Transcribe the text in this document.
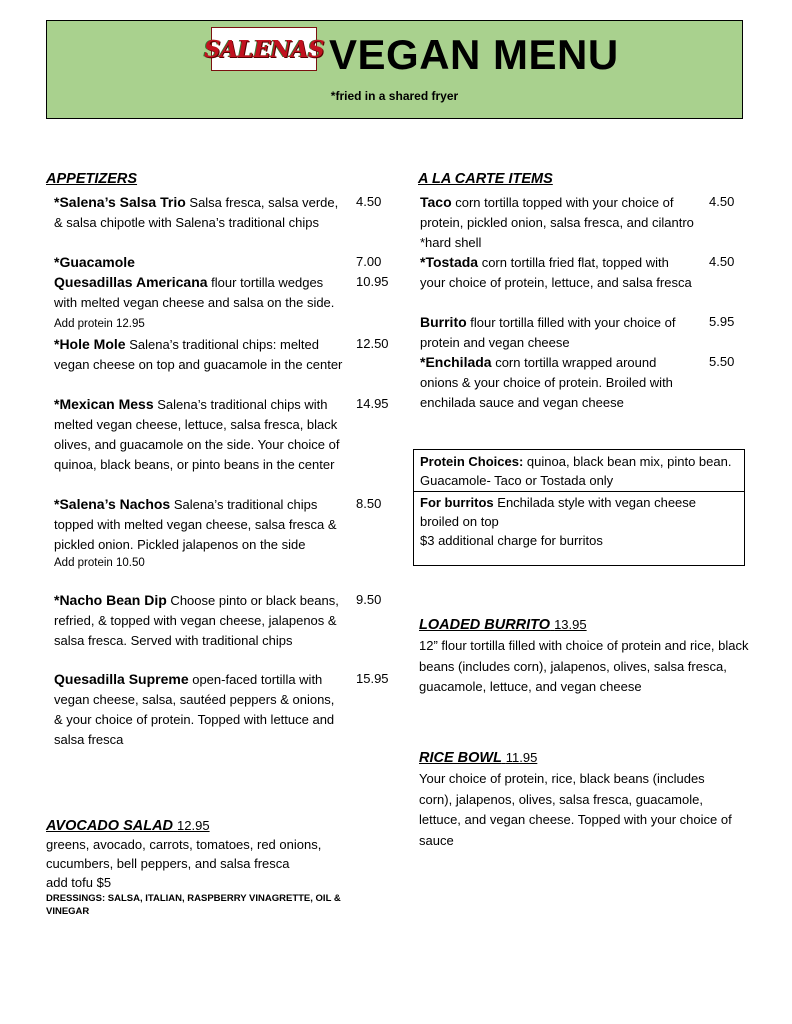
SALENAS VEGAN MENU
*fried in a shared fryer
APPETIZERS
*Salena’s Salsa Trio Salsa fresca, salsa verde, & salsa chipotle with Salena’s traditional chips
4.50
*Guacamole	7.00
Quesadillas Americana flour tortilla wedges with melted vegan cheese and salsa on the side. Add protein 12.95
10.95
*Hole Mole Salena’s traditional chips: melted vegan cheese on top and guacamole in the center
12.50
*Mexican Mess Salena’s traditional chips with melted vegan cheese, lettuce, salsa fresca, black olives, and guacamole on the side. Your choice of quinoa, black beans, or pinto beans in the center
14.95
*Salena’s Nachos Salena’s traditional chips topped with melted vegan cheese, salsa fresca & pickled onion. Pickled jalapenos on the side
Add protein 10.50
8.50
*Nacho Bean Dip Choose pinto or black beans, refried, & topped with vegan cheese, jalapenos & salsa fresca. Served with traditional chips
9.50
Quesadilla Supreme open-faced tortilla with vegan cheese, salsa, sautéed peppers & onions, & your choice of protein. Topped with lettuce and salsa fresca
15.95
AVOCADO SALAD 12.95
greens, avocado, carrots, tomatoes, red onions, cucumbers, bell peppers, and salsa fresca
add tofu $5
DRESSINGS: SALSA, ITALIAN, RASPBERRY VINAGRETTE, OIL & VINEGAR
A LA CARTE ITEMS
Taco corn tortilla topped with your choice of protein, pickled onion, salsa fresca, and cilantro *hard shell
4.50
*Tostada corn tortilla fried flat, topped with your choice of protein, lettuce, and salsa fresca
4.50
Burrito flour tortilla filled with your choice of protein and vegan cheese
5.95
*Enchilada corn tortilla wrapped around onions & your choice of protein. Broiled with enchilada sauce and vegan cheese
5.50
Protein Choices: quinoa, black bean mix, pinto bean.
Guacamole- Taco or Tostada only
For burritos Enchilada style with vegan cheese broiled on top
$3 additional charge for burritos
LOADED BURRITO 13.95
12” flour tortilla filled with choice of protein and rice, black beans (includes corn), jalapenos, olives, salsa fresca, guacamole, lettuce, and vegan cheese
RICE BOWL 11.95
Your choice of protein, rice, black beans (includes corn), jalapenos, olives, salsa fresca, guacamole, lettuce, and vegan cheese. Topped with your choice of sauce
